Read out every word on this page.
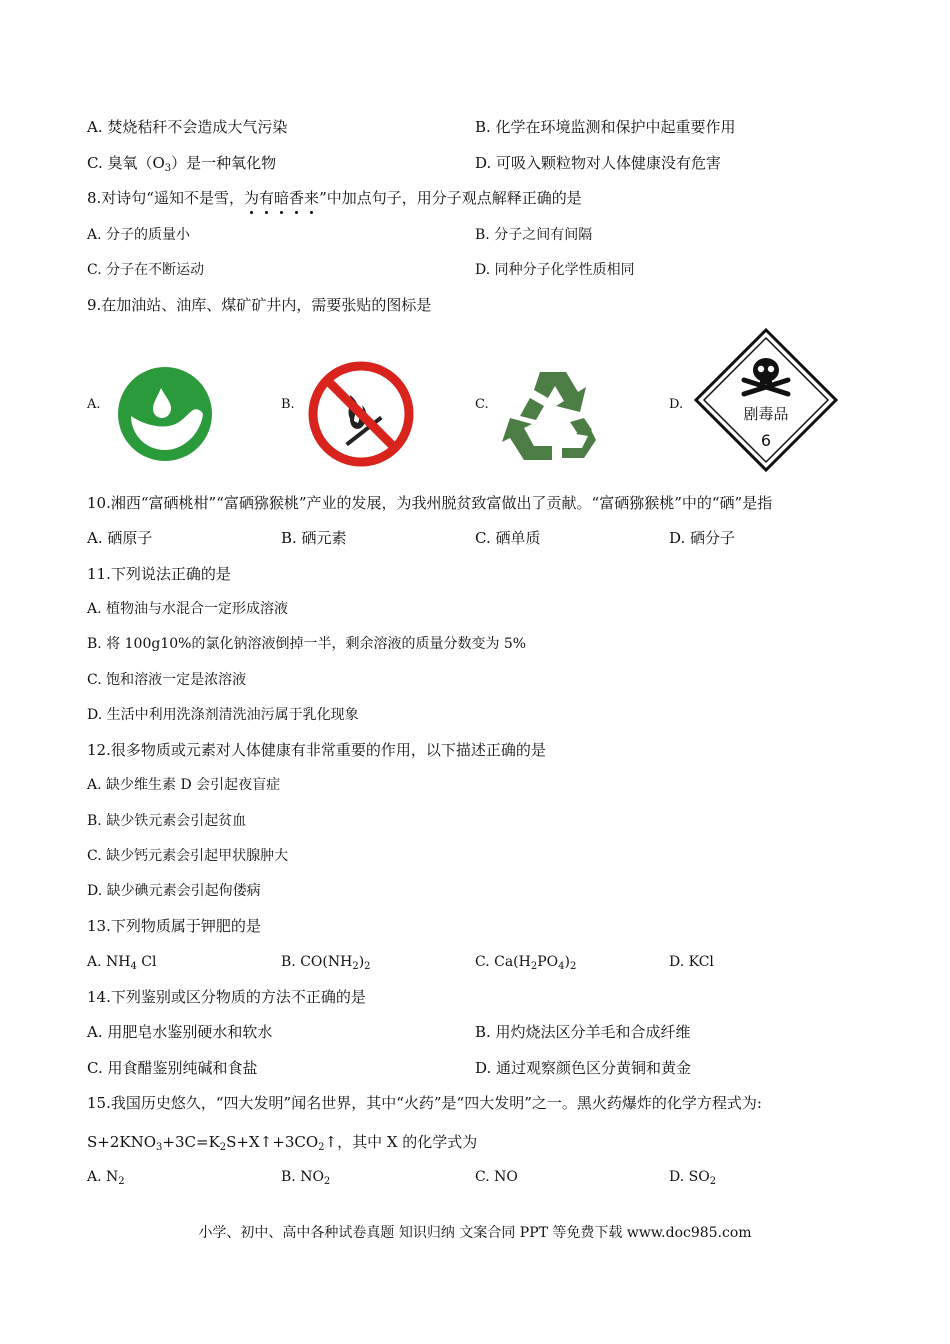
A. 焚烧秸秆不会造成大气污染	B. 化学在环境监测和保护中起重要作用
C. 臭氧$(O_3)$是一种氧化物	D. 可吸入颗粒物对人体健康没有危害
8.对诗句“遥知不是雪，为有暗香来”中加点句子，用分子观点解释正确的是
A. 分子的质量小	B. 分子之间有间隔
C. 分子在不断运动	D. 同种分子化学性质相同
9.在加油站、油库、煤矿矿井内，需要张贴的图标是
A.	B.	C.	D.
剧毒品
6
10.湘西“富硒桃柑”“富硒猕猴桃”产业的发展，为我州脱贫致富做出了贡献。“富硒猕猴桃”中的“硒”是指
A. 硒原子	B. 硒元素	C. 硒单质	D. 硒分子
11.下列说法正确的是
A. 植物油与水混合一定形成溶液
B. 将 100g10%的氯化钠溶液倒掉一半，剩余溶液的质量分数变为 5%
C. 饱和溶液一定是浓溶液
D. 生活中利用洗涤剂清洗油污属于乳化现象
12.很多物质或元素对人体健康有非常重要的作用，以下描述正确的是
A. 缺少维生素 D 会引起夜盲症
B. 缺少铁元素会引起贫血
C. 缺少钙元素会引起甲状腺肿大
D. 缺少碘元素会引起佝偻病
13.下列物质属于钾肥的是
A. $NH_4$ Cl	B. $CO(NH_2)_2$	C. $Ca(H_2PO_4)_2$	D. KCl
14.下列鉴别或区分物质的方法不正确的是
A. 用肥皂水鉴别硬水和软水	B. 用灼烧法区分羊毛和合成纤维
C. 用食醋鉴别纯碱和食盐	D. 通过观察颜色区分黄铜和黄金
15.我国历史悠久，“四大发明”闻名世界，其中“火药”是“四大发明”之一。黑火药爆炸的化学方程式为:
$S+2KNO_3+3C=K_2S+X↑+3CO_2↑$，其中 X 的化学式为
A. $N_2$	B. $NO_2$	C. NO	D. $SO_2$
小学、初中、高中各种试卷真题 知识归纳 文案合同 PPT 等免费下载 www.doc985.com
